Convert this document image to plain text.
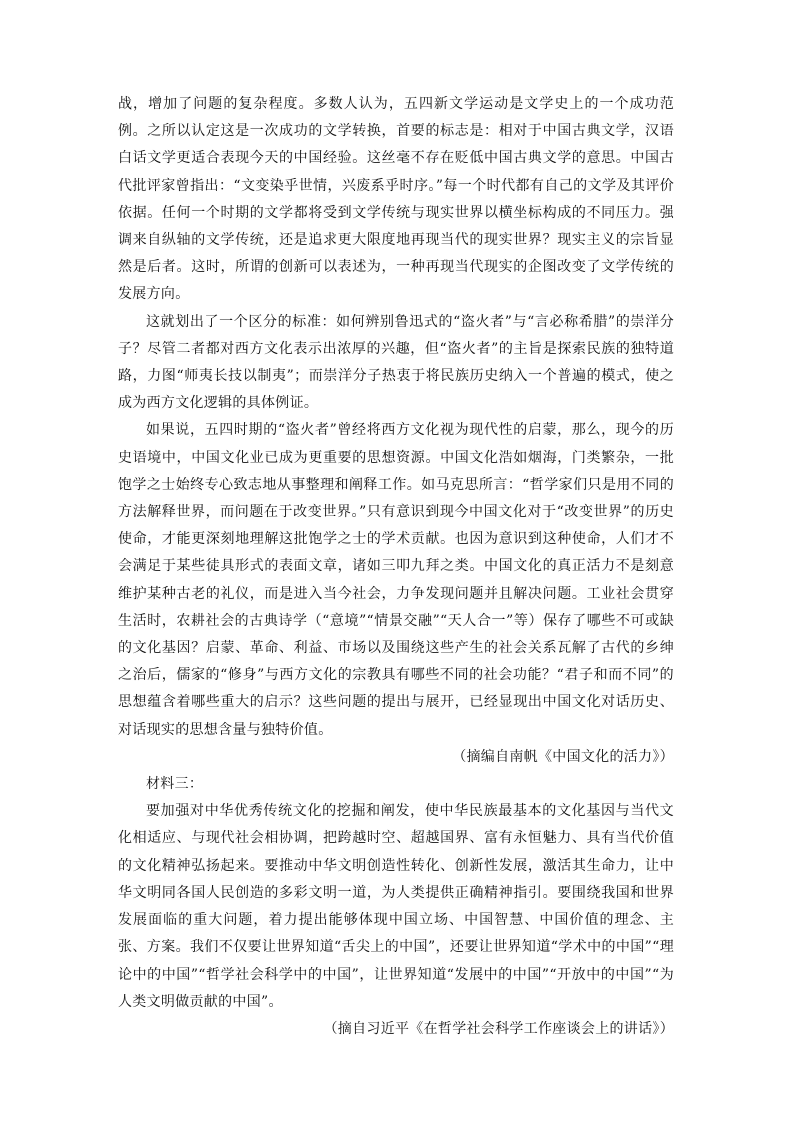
战，增加了问题的复杂程度。多数人认为，五四新文学运动是文学史上的一个成功范例。之所以认定这是一次成功的文学转换，首要的标志是：相对于中国古典文学，汉语白话文学更适合表现今天的中国经验。这丝毫不存在贬低中国古典文学的意思。中国古代批评家曾指出：“文变染乎世情，兴废系乎时序。”每一个时代都有自己的文学及其评价依据。任何一个时期的文学都将受到文学传统与现实世界以横坐标构成的不同压力。强调来自纵轴的文学传统，还是追求更大限度地再现当代的现实世界？现实主义的宗旨显然是后者。这时，所谓的创新可以表述为，一种再现当代现实的企图改变了文学传统的发展方向。

这就划出了一个区分的标准：如何辨别鲁迅式的“盗火者”与“言必称希腊”的崇洋分子？尽管二者都对西方文化表示出浓厚的兴趣，但“盗火者”的主旨是探索民族的独特道路，力图“师夷长技以制夷”；而崇洋分子热衷于将民族历史纳入一个普遍的模式，使之成为西方文化逻辑的具体例证。

如果说，五四时期的“盗火者”曾经将西方文化视为现代性的启蒙，那么，现今的历史语境中，中国文化业已成为更重要的思想资源。中国文化浩如烟海，门类繁杂，一批饱学之士始终专心致志地从事整理和阐释工作。如马克思所言：“哲学家们只是用不同的方法解释世界，而问题在于改变世界。”只有意识到现今中国文化对于“改变世界”的历史使命，才能更深刻地理解这批饱学之士的学术贡献。也因为意识到这种使命，人们才不会满足于某些徒具形式的表面文章，诸如三叩九拜之类。中国文化的真正活力不是刻意维护某种古老的礼仪，而是进入当今社会，力争发现问题并且解决问题。工业社会贯穿生活时，农耕社会的古典诗学（“意境”“情景交融”“天人合一”等）保存了哪些不可或缺的文化基因？启蒙、革命、利益、市场以及围绕这些产生的社会关系瓦解了古代的乡绅之治后，儒家的“修身”与西方文化的宗教具有哪些不同的社会功能？“君子和而不同”的思想蕴含着哪些重大的启示？这些问题的提出与展开，已经显现出中国文化对话历史、对话现实的思想含量与独特价值。

（摘编自南帆《中国文化的活力》）

材料三：

要加强对中华优秀传统文化的挖掘和阐发，使中华民族最基本的文化基因与当代文化相适应、与现代社会相协调，把跨越时空、超越国界、富有永恒魅力、具有当代价值的文化精神弘扬起来。要推动中华文明创造性转化、创新性发展，激活其生命力，让中华文明同各国人民创造的多彩文明一道，为人类提供正确精神指引。要围绕我国和世界发展面临的重大问题，着力提出能够体现中国立场、中国智慧、中国价值的理念、主张、方案。我们不仅要让世界知道“舌尖上的中国”，还要让世界知道“学术中的中国”“理论中的中国”“哲学社会科学中的中国”，让世界知道“发展中的中国”“开放中的中国”“为人类文明做贡献的中国”。

（摘自习近平《在哲学社会科学工作座谈会上的讲话》）
